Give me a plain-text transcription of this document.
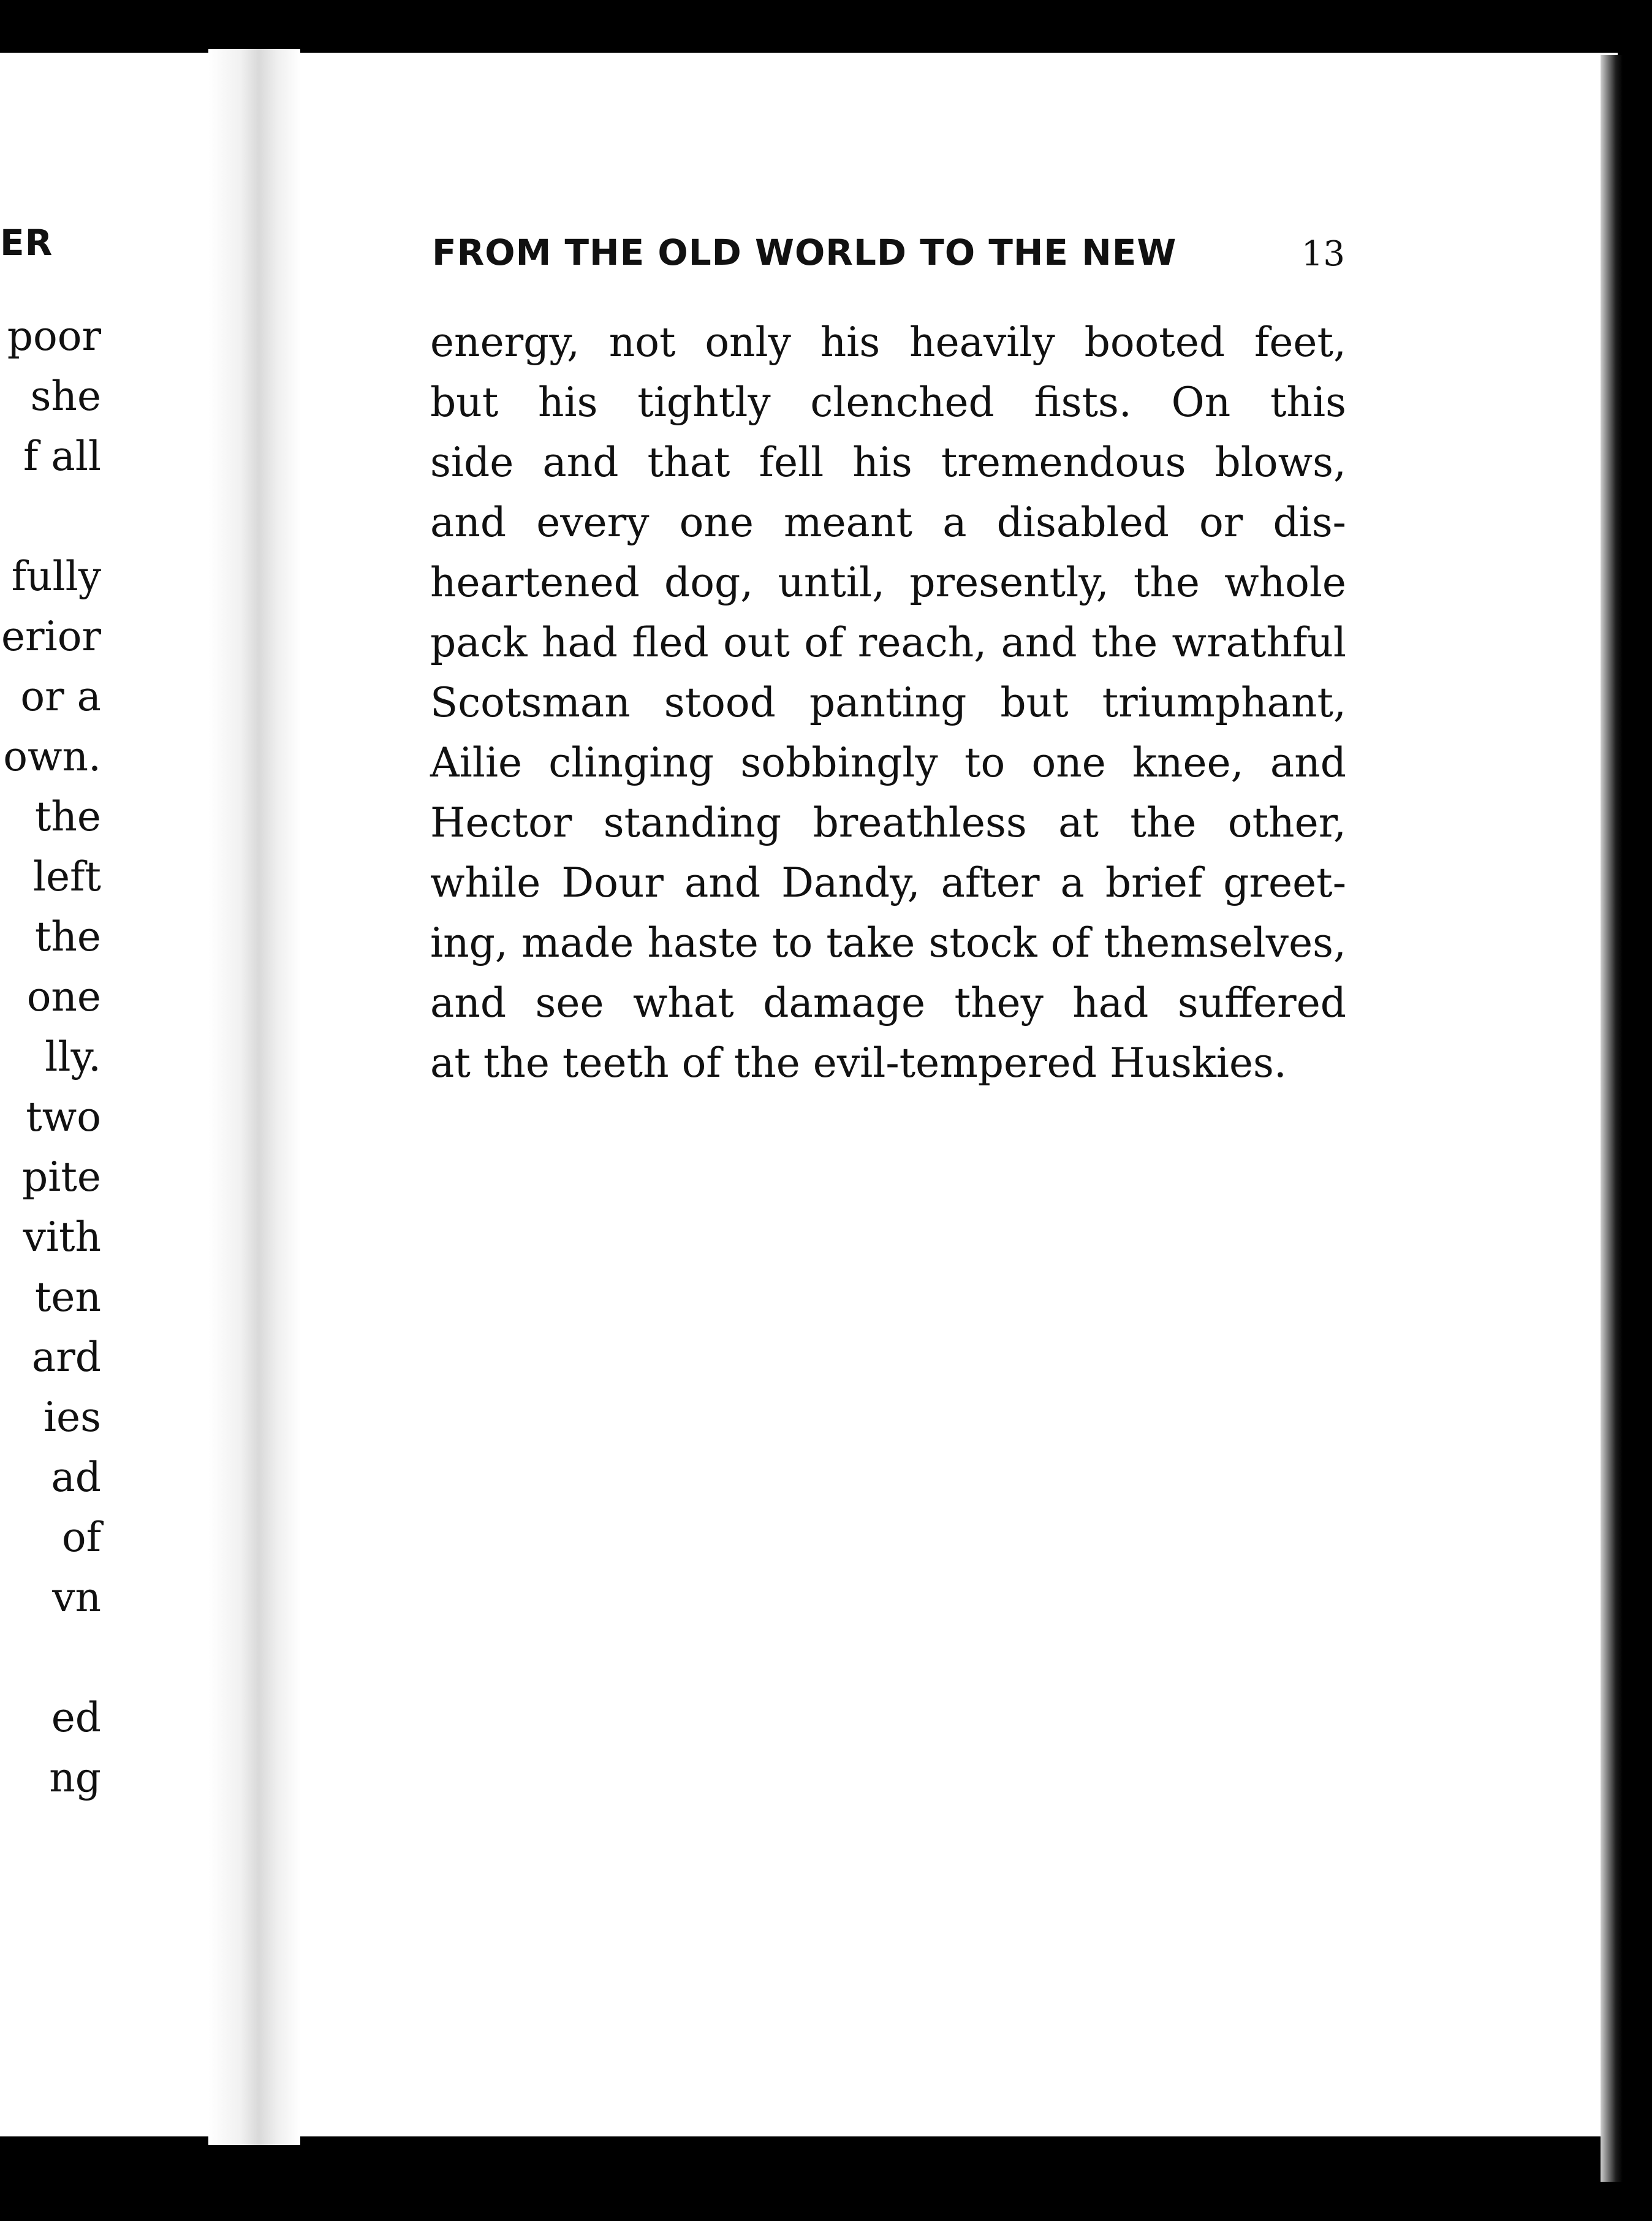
ER
poor
she
f all
fully
erior
or a
own.
the
left
the
one
lly.
two
pite
vith
ten
ard
ies
ad
of
vn
ed
ng
FROM THE OLD WORLD TO THE NEW	13
energy, not only his heavily booted feet,
but his tightly clenched fists. On this
side and that fell his tremendous blows,
and every one meant a disabled or dis-
heartened dog, until, presently, the whole
pack had fled out of reach, and the wrathful
Scotsman stood panting but triumphant,
Ailie clinging sobbingly to one knee, and
Hector standing breathless at the other,
while Dour and Dandy, after a brief greet-
ing, made haste to take stock of themselves,
and see what damage they had suffered
at the teeth of the evil-tempered Huskies.
